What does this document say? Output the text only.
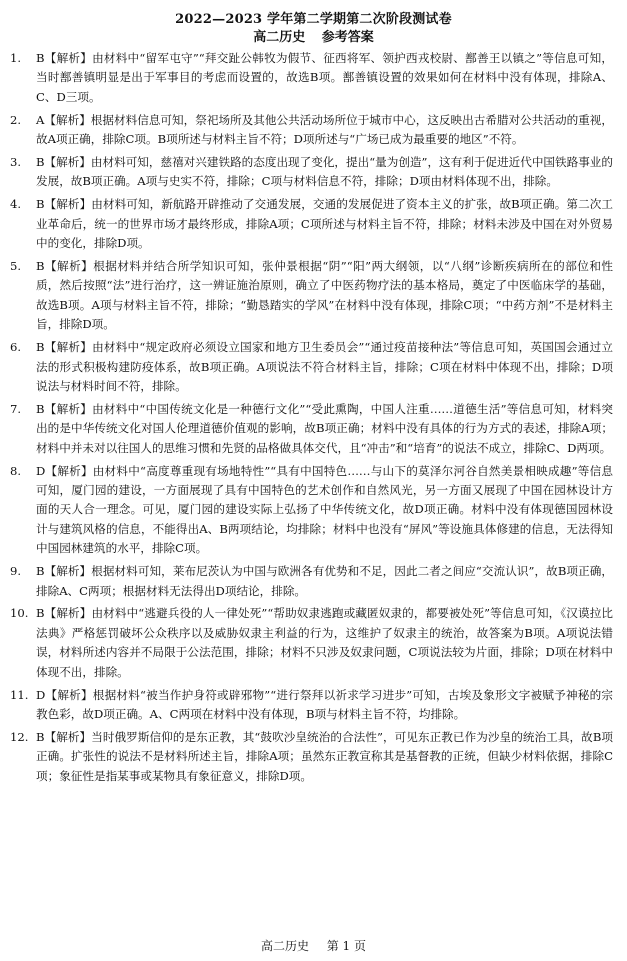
2022—2023 学年第二学期第二次阶段测试卷
高二历史 参考答案
1.	B【解析】由材料中“留军屯守”“拜交趾公韩牧为假节、征西将军、领护西戎校尉、鄯善王以镇之”等信息可知，当时鄯善镇明显是出于军事目的考虑而设置的，故选B项。鄯善镇设置的效果如何在材料中没有体现，排除A、C、D三项。
2.	A【解析】根据材料信息可知，祭祀场所及其他公共活动场所位于城市中心，这反映出古希腊对公共活动的重视，故A项正确，排除C项。B项所述与材料主旨不符；D项所述与“广场已成为最重要的地区”不符。
3.	B【解析】由材料可知，慈禧对兴建铁路的态度出现了变化，提出“量为创造”，这有利于促进近代中国铁路事业的发展，故B项正确。A项与史实不符，排除；C项与材料信息不符，排除；D项由材料体现不出，排除。
4.	B【解析】由材料可知，新航路开辟推动了交通发展，交通的发展促进了资本主义的扩张，故B项正确。第二次工业革命后，统一的世界市场才最终形成，排除A项；C项所述与材料主旨不符，排除；材料未涉及中国在对外贸易中的变化，排除D项。
5.	B【解析】根据材料并结合所学知识可知，张仲景根据“阴”“阳”两大纲领，以“八纲”诊断疾病所在的部位和性质，然后按照“法”进行治疗，这一辨证施治原则，确立了中医药物疗法的基本格局，奠定了中医临床学的基础，故选B项。A项与材料主旨不符，排除；“勤恳踏实的学风”在材料中没有体现，排除C项；“中药方剂”不是材料主旨，排除D项。
6.	B【解析】由材料中“规定政府必须设立国家和地方卫生委员会”“通过疫苗接种法”等信息可知，英国国会通过立法的形式积极构建防疫体系，故B项正确。A项说法不符合材料主旨，排除；C项在材料中体现不出，排除；D项说法与材料时间不符，排除。
7.	B【解析】由材料中“中国传统文化是一种德行文化”“受此熏陶，中国人注重……道德生活”等信息可知，材料突出的是中华传统文化对国人伦理道德价值观的影响，故B项正确；材料中没有具体的行为方式的表述，排除A项；材料中并未对以往国人的思维习惯和先贤的品格做具体交代，且“冲击”和“培育”的说法不成立，排除C、D两项。
8.	D【解析】由材料中“高度尊重现有场地特性”“具有中国特色……与山下的莫泽尔河谷自然美景相映成趣”等信息可知，厦门园的建设，一方面展现了具有中国特色的艺术创作和自然风光，另一方面又展现了中国在园林设计方面的天人合一理念。可见，厦门园的建设实际上弘扬了中华传统文化，故D项正确。材料中没有体现德国园林设计与建筑风格的信息，不能得出A、B两项结论，均排除；材料中也没有“屏风”等设施具体修建的信息，无法得知中国园林建筑的水平，排除C项。
9.	B【解析】根据材料可知，莱布尼茨认为中国与欧洲各有优势和不足，因此二者之间应“交流认识”，故B项正确，排除A、C两项；根据材料无法得出D项结论，排除。
10. B【解析】由材料中“逃避兵役的人一律处死”“帮助奴隶逃跑或藏匿奴隶的，都要被处死”等信息可知，《汉谟拉比法典》严格惩罚破坏公众秩序以及威胁奴隶主利益的行为，这维护了奴隶主的统治，故答案为B项。A项说法错误，材料所述内容并不局限于公法范围，排除；材料不只涉及奴隶问题，C项说法较为片面，排除；D项在材料中体现不出，排除。
11. D【解析】根据材料“被当作护身符或辟邪物”“进行祭拜以祈求学习进步”可知，古埃及象形文字被赋予神秘的宗教色彩，故D项正确。A、C两项在材料中没有体现，B项与材料主旨不符，均排除。
12. B【解析】当时俄罗斯信仰的是东正教，其“鼓吹沙皇统治的合法性”，可见东正教已作为沙皇的统治工具，故B项正确。扩张性的说法不是材料所述主旨，排除A项；虽然东正教宣称其是基督教的正统，但缺少材料依据，排除C项；象征性是指某事或某物具有象征意义，排除D项。
高二历史 第 1 页
